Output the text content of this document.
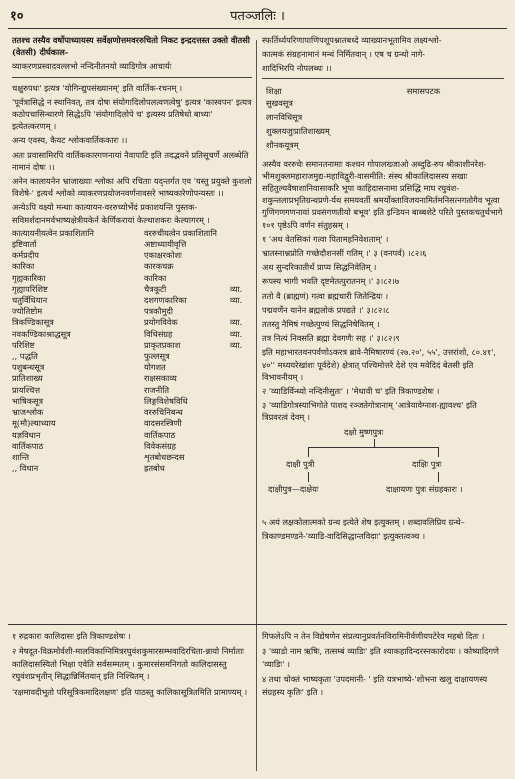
१०	पतञ्जलिः ।

ततश्च तस्यैव वर्षोपाध्यायस्य सर्वेक्षणोत्तमवररुचितो निकट इन्द्रदत्तस्त उक्तो वीतसी (वेतसी) दीर्घकाल-

व्याकरणप्रस्वादवल्लभो नन्दिनीतनयो व्याडिगोत्र आचार्यः

चक्षुरुपधः' इत्यत्र 'योगिन्द्युपसंख्यानम्' इति वार्तिक-रचनम् ।

'पूर्वत्रासिद्धे न स्थानिवत्, तत्र दोषः संयोगादिलोपलत्वणत्वेषु' इत्यत्र 'कास्वपन' इत्यत्र कठोपचासिन्धारणे सिद्धेऽपि 'संयोगादिलोपे च' इत्यस्य प्रतिषेधो बाध्यः' इत्येतत्करणम् ।

अन्य एवस्य, कैयट श्लोकवार्तिककारः ।।

अतः प्रवासामिरपि वार्तिककारगणनायां नैवापाटि इति तदद्भवने प्रतिसूचर्णे अलब्धेति नामानं दोषः ।।

अनेन कालायनेन भ्राजाख्याः श्लोका अपि रचिताः यद्न्तर्गत एव 'यस्तु प्रयुक्ते कुशलो विशेषे-' इत्यर्थ श्लोको व्याकरणप्रयोजनवर्णनावसरे भाष्यकारेणोपन्यस्तः ।।

अन्येऽपि वक्ष्यो मन्थाः कात्यायन-वररुच्योर्भेदं प्रकाशयन्ति पुस्तक-सविमर्शदानमर्वभाष्यक्षेत्रीयकेर्न केर्णिकरायां केल्थाशकरः केल्यागरम् ।

कात्यायनीयत्वेन प्रकाशितानि	वररुचीयत्वेन प्रकाशितानि	
इष्टिवार्ता	अष्टाध्यायीवृत्ति	
कर्मप्रदीप	एकाक्षरकोशः	
कारिका	कारकचक्र	
गृह्यकारिका	कारिका	
गृह्यापरिशिष्ट	चैत्रकूटी	व्या.
चतुर्विधियान	दशगणकारिका	व्या.
ज्योतिष्टोम	पत्रकौमुदी	
त्रिकण्डिकासूत्र	प्रयोगविवेक	व्या.
नवकण्डिकाश्राद्धसूत्र	विधिसंग्रह	व्या.
परिशिष्ट	प्राकृतप्रकाश	व्या.
,, पद्धति	फुल्लसूत्र	
पशुबन्धसूत्र	योगशत	
प्रातिशाख्य	राक्षसकाव्य	
प्रायश्चित्त	राजनीति	
भाषिकसूत्र	लिङ्गविशेषविधि	
भ्राजश्लोक	वररुचिनिबन्ध	
मू(मौ)ल्याध्याय	वादसरस्त्रिणी	
यज्ञविधान	वार्तिकपाठ	
वार्तिकपाठ	विवेकसंग्रह	
शान्ति	शृतबोधछन्दस	
,, विधान	ह्रतबोध	

स्फर्तिर्ध्यपरिणापाणिपशूपश्नातबध्दे व्याख्यानभूतामिव लक्ष्यश्लो-

कात्मकं संग्रहनामानं मन्थं निर्मितवान् । एष च ग्रन्थो नागे-

शादिभिरपि नोपलब्धः ।।

शिक्षा	समासपटक

सुखवसूत्र

लानविधिसूत्र

शुक्लयजुःप्रातिशाख्यम्

शौनकयूत्रम्

अस्यैव वररुचेः समानतनामाः कश्चन गोपालख्जाओ अब्दुढि-रुप श्रीकाशीनरेश-भीमशुक्लमहाराजमुद्य-महाविद्वुरी-वासमीति: संस्थ श्रीकालिदासस्य सखाः सहितुल्यवैषाशानिवासाकरि भूपा काहिदासनामा प्रसिद्धि माघ रघुवंश-शकुन्तलाप्रभृतिग्रन्थप्रणे-र्यथ समयवर्ती श्रमर्योक्ताविजयनामिर्तमनिसत्नगतोगैव भूत्वा गुणिगणगणनायां प्रवसगणतीयो बभूव' इति इन्डियन बाब्बशेटे परिते पुस्तकचतुर्थभागे १०१ पृष्ठेऽपि वर्णन संतुहस्रम् ।

१ 'अथ वेतसिकां गत्वा पितामहनिवेशताम्' ।

भ्रातस्नाश्नप्रोति गच्छेदौशनसीं गतिम् ।' ३ (वनपर्व) ।८२।६

अथ सुन्दरिकातीर्थं प्राप्य सिद्धनिवेतिम् ।

रूपस्य भागी भवति दृष्टमेतत्पुरातनम् ।' ३।८२।७

ततो वै (ब्राह्मणं) गत्वा ब्रह्मचारी जितेन्द्रियः ।

पद्मवर्णेन यानेन ब्रह्मलोकं प्रपद्यते ।' ३।८२।८

ततस्तु नैमिषं गच्छेत्पुण्यं सिद्धनिषेवितम् ।

तत्र नित्यं निवसति ब्रह्मा देवगणैः सह ।' ३।८२।९

इति महाभारतवनपर्वणोऽकरत्र ब्रावे-नैमिषारण्यं (२७.२०', ५५', उत्तरांशो, ८०.४१', ४०'' मध्ययरेखांशः पूर्वदेशे) क्षेत्रात् पश्चिमोत्तरे देशे एव मवेदिदं बेतसी इति विभावनीयम् ।

२ 'व्याडिर्विन्ध्यो नन्दिनीसुतः' । 'मेधावी च' इति त्रिकाण्डशेषः ।

३ 'व्याडिगोत्रस्याभिगोते पाशद रञ्जतेगोत्रानाम् 'आत्रेयावेग्नाश-ह्यावश्च' इति त्रिप्रवरत्वं देवम् ।

दक्षो मुष्णपुत्रः
दाक्षी पुत्री	दाक्षिः पुत्रः
दाक्षीपुत्र—दाक्षेयः	दाक्षायणः पुत्रः संग्रहकारः ।

५ अयं लक्षकोलात्मको ग्रन्थ इत्येते शेष इत्युक्तम् । शब्दावलिप्रिय ग्रन्थे–

त्रिकाण्डमण्डने-'व्याडि-वादिसिद्धान्तविदाः' इत्युक्तत्वञ्च ।

१ रुद्रकारः कालिदासः इति त्रिकाण्डशेषः ।

२ मेषदूत-विक्रमोर्वशी-मालविकाग्निमित्ररघुवंशकुमारसम्भवादिरचिता-न्नायो निर्माताः कालिदासस्यितो भिक्षा एवेति सर्वसम्मतम् । कुमारसंसमनिगतो कालिदासस्तु रघुवंशप्रभृतीन् सिद्धान्निर्मितवान् इति निश्चितम् ।

'रक्षमावदीभूतो परिसूत्रिकमादिलक्षण' इति पाठस्तु कालिकासूत्रितमिति प्रामाण्यम् ।

गिफलेऽपि न तेन विद्येषणेन संप्रत्यानुप्रवर्तनविरामिनीर्वणीयपटेरेव महबो दितः ।

३ 'व्याडो नाम ऋषिः, तत्सम्बं व्याडिः' इति श्याकहादिन्दरस्नकारोदयः । कोष्यादिगणे 'व्याडिः' ।

४ तथा चोक्तं भाष्यकृता 'उपदमानी- ' इति यत्रभाष्ये-'शोभना खलु दाक्षायणस्य संग्रहस्य कृतिः' इति ।
